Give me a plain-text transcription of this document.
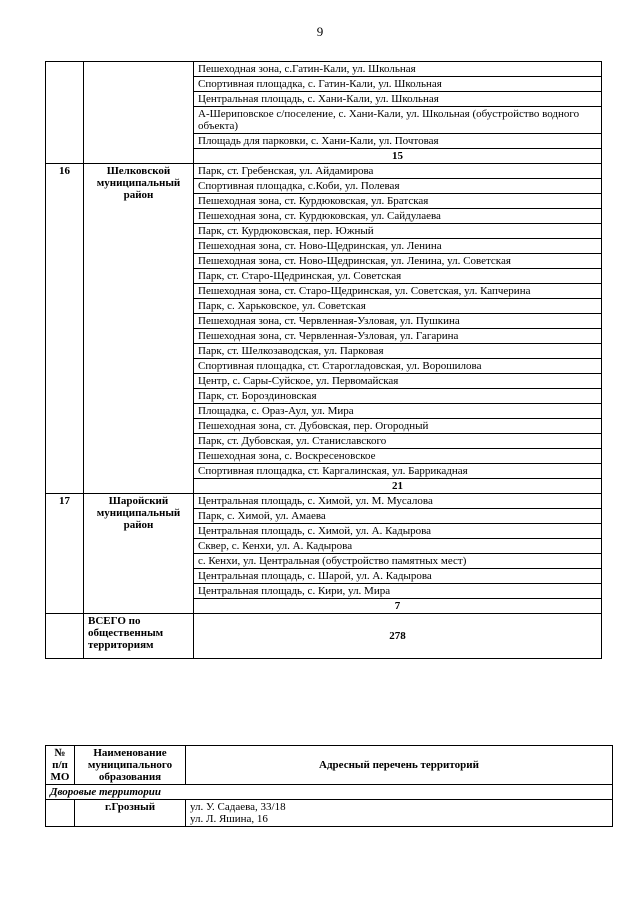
9
		Пешеходная зона, с.Гатин-Кали, ул. Школьная
		Спортивная площадка, с. Гатин-Кали, ул. Школьная
		Центральная площадь, с. Хани-Кали, ул. Школьная
		А-Шериповское с/поселение, с. Хани-Кали, ул. Школьная (обустройство водного объекта)
		Площадь для парковки, с. Хани-Кали, ул. Почтовая
		15
16	Шелковской муниципальный район	Парк, ст. Гребенская, ул. Айдамирова
		Спортивная площадка, с.Коби, ул. Полевая
		Пешеходная зона, ст. Курдюковская, ул. Братская
		Пешеходная зона, ст. Курдюковская, ул. Сайдулаева
		Парк, ст. Курдюковская, пер. Южный
		Пешеходная зона, ст. Ново-Щедринская, ул. Ленина
		Пешеходная зона, ст. Ново-Щедринская, ул. Ленина, ул. Советская
		Парк, ст. Старо-Щедринская, ул. Советская
		Пешеходная зона, ст. Старо-Щедринская, ул. Советская, ул. Капчерина
		Парк, с. Харьковское, ул. Советская
		Пешеходная зона, ст. Червленная-Узловая, ул. Пушкина
		Пешеходная зона, ст. Червленная-Узловая, ул. Гагарина
		Парк, ст. Шелкозаводская, ул. Парковая
		Спортивная площадка, ст. Старогладовская, ул. Ворошилова
		Центр, с. Сары-Суйское, ул. Первомайская
		Парк, ст. Бороздиновская
		Площадка, с. Ораз-Аул, ул. Мира
		Пешеходная зона, ст. Дубовская, пер. Огородный
		Парк, ст. Дубовская, ул. Станиславского
		Пешеходная зона, с. Воскресеновское
		Спортивная площадка, ст. Каргалинская, ул. Баррикадная
		21
17	Шаройский муниципальный район	Центральная площадь, с. Химой, ул. М. Мусалова
		Парк, с. Химой, ул. Амаева
		Центральная площадь, с. Химой, ул. А. Кадырова
		Сквер, с. Кенхи, ул. А. Кадырова
		с. Кенхи, ул. Центральная (обустройство памятных мест)
		Центральная площадь, с. Шарой, ул. А. Кадырова
		Центральная площадь, с. Кири, ул. Мира
		7
	ВСЕГО по общественным территориям	278
№ п/п МО	Наименование муниципального образования	Адресный перечень территорий
Дворовые территории		
	г.Грозный	ул. У. Садаева, 33/18
ул. Л. Яшина, 16
